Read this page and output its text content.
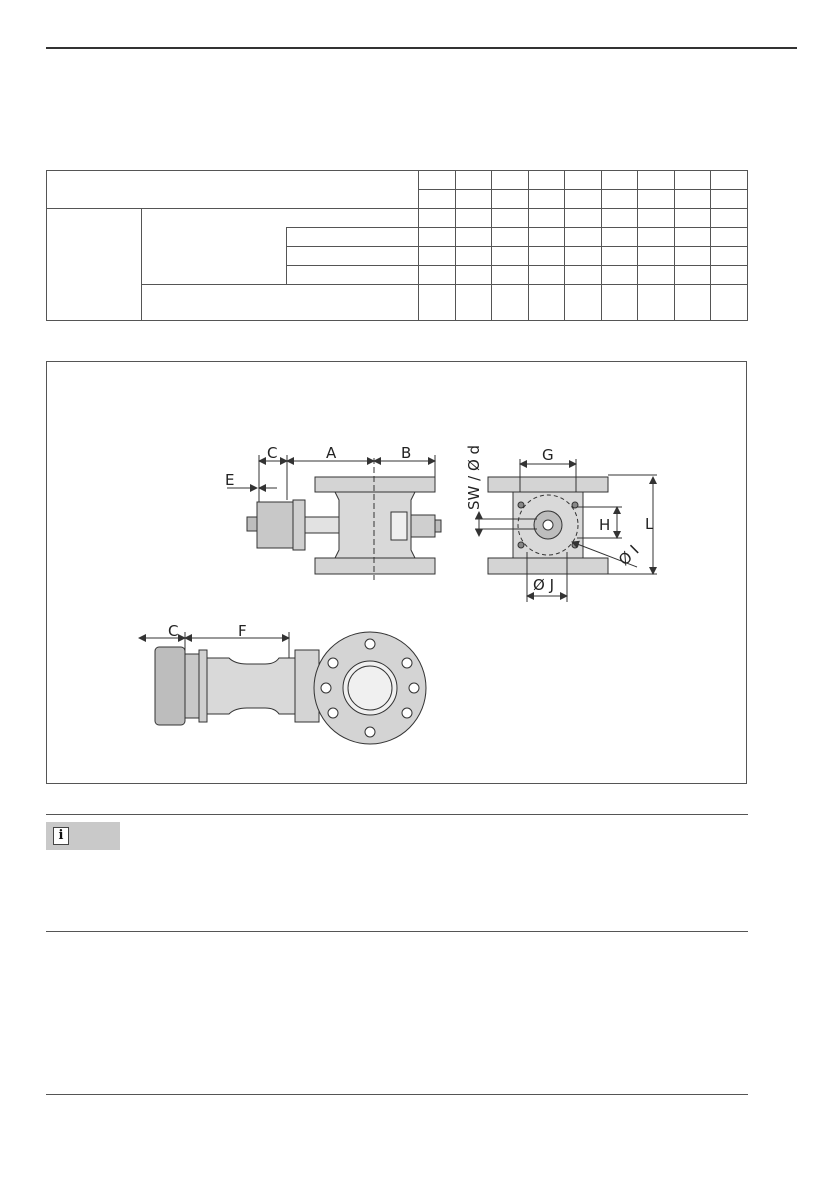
C	A	B
E
G
H L
Ø J
Ø I
SW / Ø d
C	F
i
